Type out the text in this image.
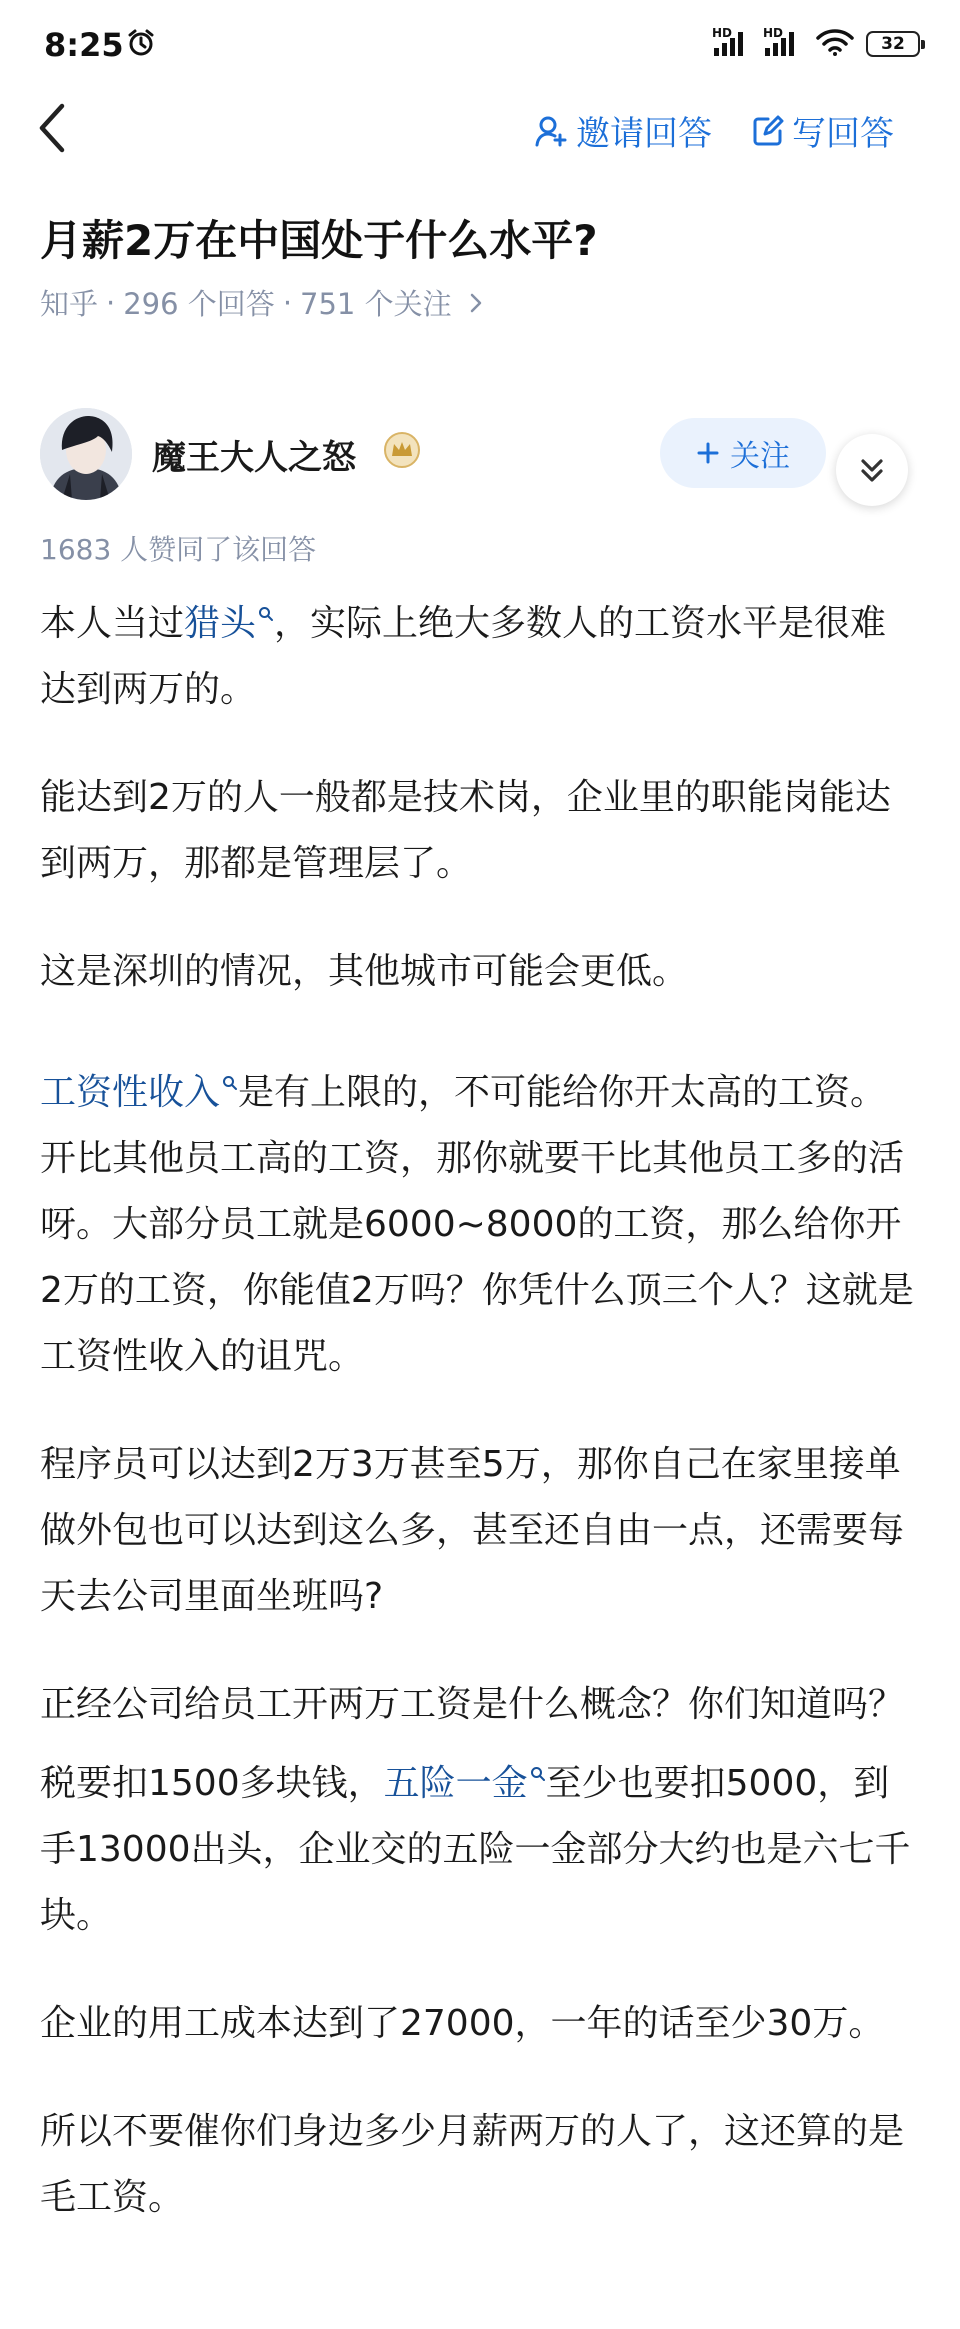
8:25	HD	HD
32
邀请回答 写回答
月薪2万在中国处于什么水平?
知乎 · 296 个回答 · 751 个关注
魔王大人之怒	关注
1683 人赞同了该回答

本人当过猎头 ，实际上绝大多数人的工资水平是很难达到两万的。

能达到2万的人一般都是技术岗，企业里的职能岗能达到两万，那都是管理层了。

这是深圳的情况，其他城市可能会更低。

工资性收入 是有上限的，不可能给你开太高的工资。开比其他员工高的工资，那你就要干比其他员工多的活呀。大部分员工就是6000~8000的工资，那么给你开2万的工资，你能值2万吗？你凭什么顶三个人？这就是工资性收入的诅咒。

程序员可以达到2万3万甚至5万，那你自己在家里接单做外包也可以达到这么多，甚至还自由一点，还需要每天去公司里面坐班吗?

正经公司给员工开两万工资是什么概念？你们知道吗？税要扣1500多块钱，五险一金 至少也要扣5000，到手13000出头，企业交的五险一金部分大约也是六七千块。

企业的用工成本达到了27000，一年的话至少30万。

所以不要催你们身边多少月薪两万的人了，这还算的是毛工资。
